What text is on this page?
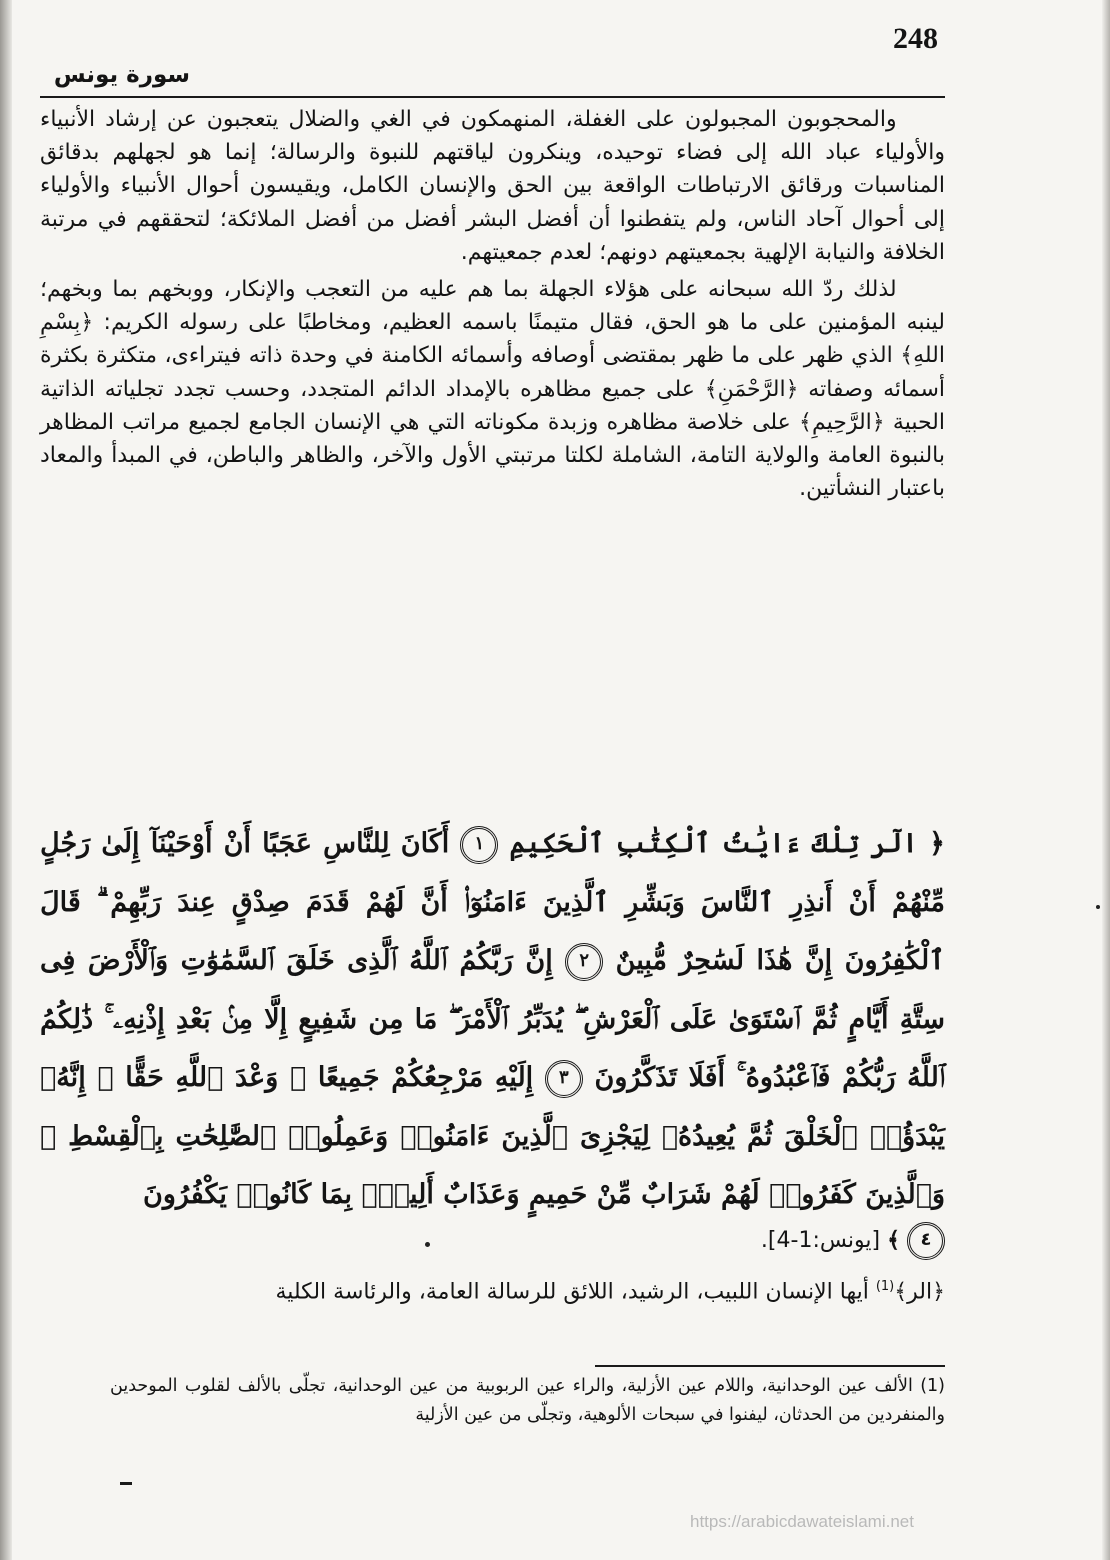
248
سورة يونس

والمحجوبون المجبولون على الغفلة، المنهمكون في الغي والضلال يتعجبون عن إرشاد الأنبياء والأولياء عباد الله إلى فضاء توحيده، وينكرون لياقتهم للنبوة والرسالة؛ إنما هو لجهلهم بدقائق المناسبات ورقائق الارتباطات الواقعة بين الحق والإنسان الكامل، ويقيسون أحوال الأنبياء والأولياء إلى أحوال آحاد الناس، ولم يتفطنوا أن أفضل البشر أفضل من أفضل الملائكة؛ لتحققهم في مرتبة الخلافة والنيابة الإلهية بجمعيتهم دونهم؛ لعدم جمعيتهم.

لذلك ردّ الله سبحانه على هؤلاء الجهلة بما هم عليه من التعجب والإنكار، ووبخهم بما وبخهم؛ لينبه المؤمنين على ما هو الحق، فقال متيمنًا باسمه العظيم، ومخاطبًا على رسوله الكريم: ﴿بِسْمِ اللهِ﴾ الذي ظهر على ما ظهر بمقتضى أوصافه وأسمائه الكامنة في وحدة ذاته فيتراءى، متكثرة بكثرة أسمائه وصفاته ﴿الرَّحْمَنِ﴾ على جميع مظاهره بالإمداد الدائم المتجدد، وحسب تجدد تجلياته الذاتية الحبية ﴿الرَّحِيمِ﴾ على خلاصة مظاهره وزبدة مكوناته التي هي الإنسان الجامع لجميع مراتب المظاهر بالنبوة العامة والولاية التامة، الشاملة لكلتا مرتبتي الأول والآخر، والظاهر والباطن، في المبدأ والمعاد باعتبار النشأتين.

﴿ الٓر تِلْكَ ءَايَٰتُ ٱلْكِتَٰبِ ٱلْحَكِيمِ ١ أَكَانَ لِلنَّاسِ عَجَبًا أَنْ أَوْحَيْنَآ إِلَىٰ رَجُلٍ مِّنْهُمْ أَنْ أَنذِرِ ٱلنَّاسَ وَبَشِّرِ ٱلَّذِينَ ءَامَنُوٓا۟ أَنَّ لَهُمْ قَدَمَ صِدْقٍ عِندَ رَبِّهِمْ ۗ قَالَ ٱلْكَٰفِرُونَ إِنَّ هَٰذَا لَسَٰحِرٌ مُّبِينٌ ٢ إِنَّ رَبَّكُمُ ٱللَّهُ ٱلَّذِى خَلَقَ ٱلسَّمَٰوَٰتِ وَٱلْأَرْضَ فِى سِتَّةِ أَيَّامٍ ثُمَّ ٱسْتَوَىٰ عَلَى ٱلْعَرْشِ ۖ يُدَبِّرُ ٱلْأَمْرَ ۖ مَا مِن شَفِيعٍ إِلَّا مِنۢ بَعْدِ إِذْنِهِۦ ۚ ذَٰلِكُمُ ٱللَّهُ رَبُّكُمْ فَٱعْبُدُوهُ ۚ أَفَلَا تَذَكَّرُونَ ٣ إِلَيْهِ مَرْجِعُكُمْ جَمِيعًا ۖ وَعْدَ ٱللَّهِ حَقًّا ۚ إِنَّهُۥ يَبْدَؤُا۟ ٱلْخَلْقَ ثُمَّ يُعِيدُهُۥ لِيَجْزِىَ ٱلَّذِينَ ءَامَنُوا۟ وَعَمِلُوا۟ ٱلصَّٰلِحَٰتِ بِٱلْقِسْطِ ۚ وَٱلَّذِينَ كَفَرُوا۟ لَهُمْ شَرَابٌ مِّنْ حَمِيمٍ وَعَذَابٌ أَلِيمٌۢ بِمَا كَانُوا۟ يَكْفُرُونَ
٤ ﴾ [يونس:1-4].
﴿الر﴾$^{(1)}$ أيها الإنسان اللبيب، الرشيد، اللائق للرسالة العامة، والرئاسة الكلية
(1) الألف عين الوحدانية، واللام عين الأزلية، والراء عين الربوبية من عين الوحدانية، تجلّى بالألف لقلوب الموحدين والمنفردين من الحدثان، ليفنوا في سبحات الألوهية، وتجلّى من عين الأزلية
https://arabicdawateislami.net
